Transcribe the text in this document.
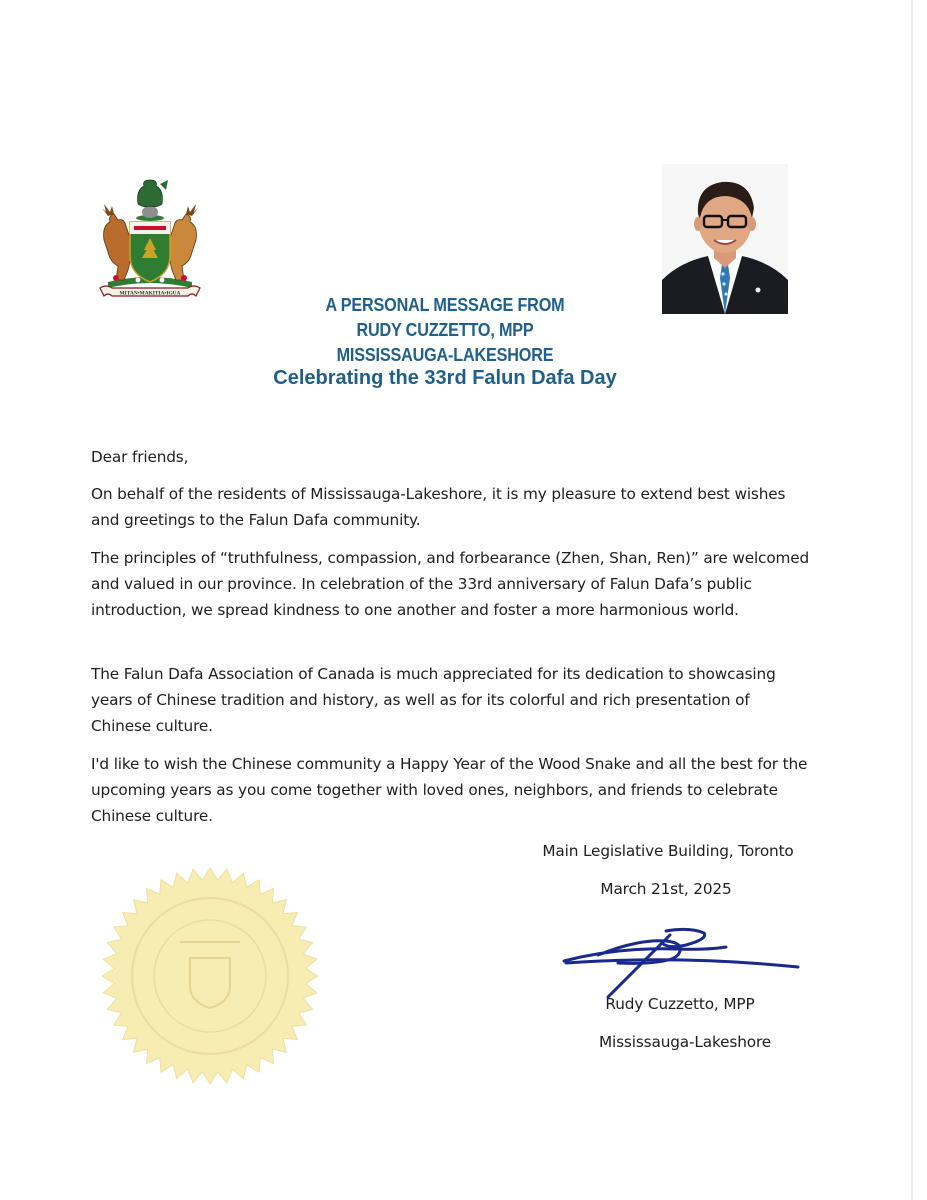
MITAN•MAKITIA•IGUA
A PERSONAL MESSAGE FROM
RUDY CUZZETTO, MPP
MISSISSAUGA-LAKESHORE
Celebrating the 33rd Falun Dafa Day
Dear friends,
On behalf of the residents of Mississauga-Lakeshore, it is my pleasure to extend best wishes and greetings to the Falun Dafa community.
The principles of “truthfulness, compassion, and forbearance (Zhen, Shan, Ren)” are welcomed and valued in our province. In celebration of the 33rd anniversary of Falun Dafa’s public introduction, we spread kindness to one another and foster a more harmonious world.
The Falun Dafa Association of Canada is much appreciated for its dedication to showcasing years of Chinese tradition and history, as well as for its colorful and rich presentation of Chinese culture.
I'd like to wish the Chinese community a Happy Year of the Wood Snake and all the best for the upcoming years as you come together with loved ones, neighbors, and friends to celebrate Chinese culture.
Main Legislative Building, Toronto
March 21st, 2025
Rudy Cuzzetto, MPP
Mississauga-Lakeshore
